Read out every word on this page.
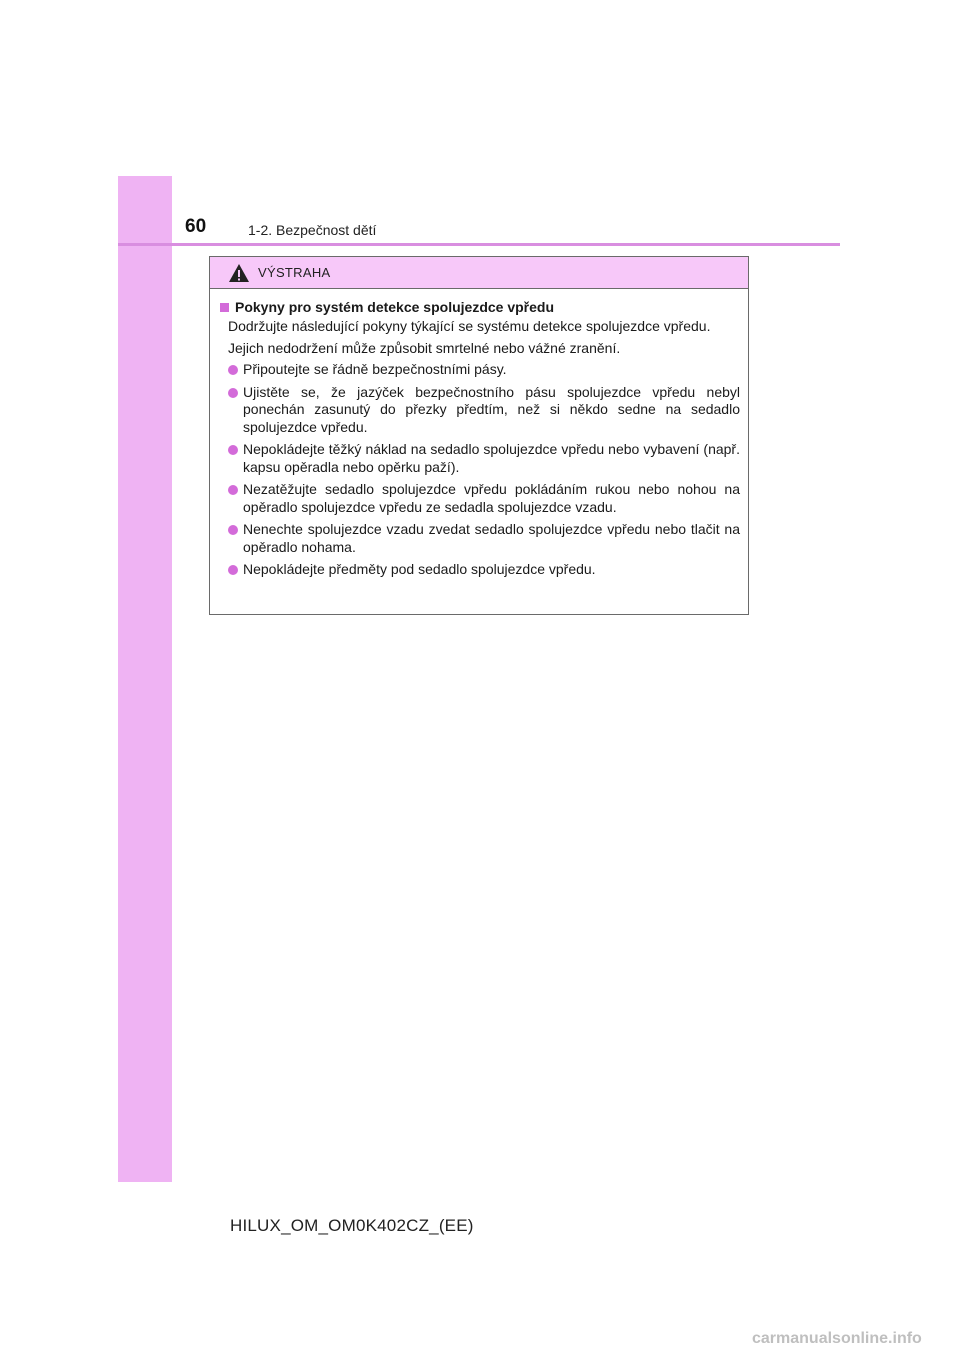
60	1-2. Bezpečnost dětí
VÝSTRAHA
Pokyny pro systém detekce spolujezdce vpředu

Dodržujte následující pokyny týkající se systému detekce spolujezdce vpředu.

Jejich nedodržení může způsobit smrtelné nebo vážné zranění.

Připoutejte se řádně bezpečnostními pásy.
Ujistěte se, že jazýček bezpečnostního pásu spolujezdce vpředu nebyl ponechán zasunutý do přezky předtím, než si někdo sedne na sedadlo spolujezdce vpředu.
Nepokládejte těžký náklad na sedadlo spolujezdce vpředu nebo vybavení (např. kapsu opěradla nebo opěrku paží).
Nezatěžujte sedadlo spolujezdce vpředu pokládáním rukou nebo nohou na opěradlo spolujezdce vpředu ze sedadla spolujezdce vzadu.
Nenechte spolujezdce vzadu zvedat sedadlo spolujezdce vpředu nebo tlačit na opěradlo nohama.
Nepokládejte předměty pod sedadlo spolujezdce vpředu.
HILUX_OM_OM0K402CZ_(EE)
carmanualsonline.info
